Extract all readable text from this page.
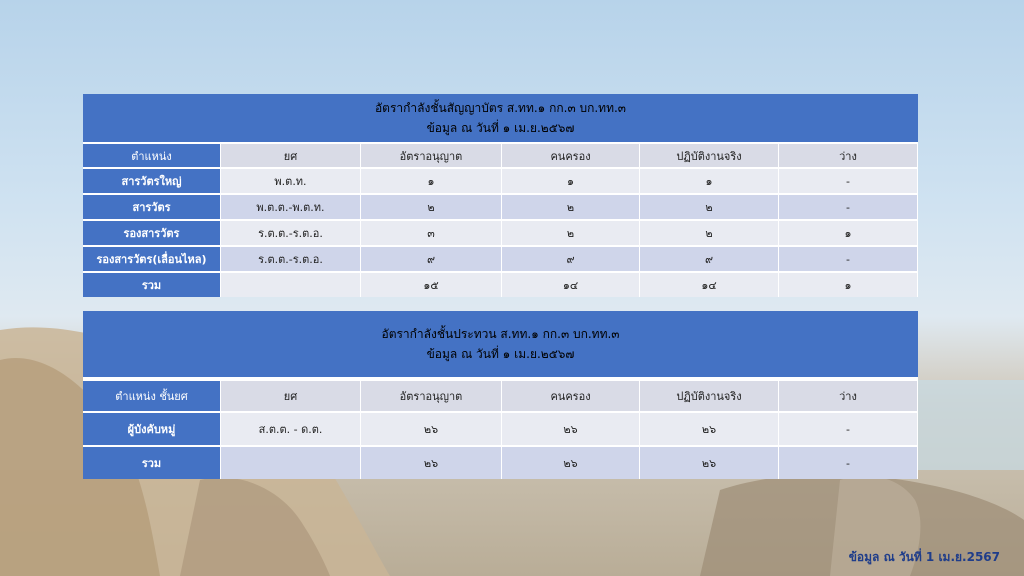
อัตรากำลังชั้นสัญญาบัตร ส.ทท.๑ กก.๓ บก.ทท.๓
ข้อมูล ณ วันที่ ๑ เม.ย.๒๕๖๗					

ตำแหน่ง	ยศ	อัตราอนุญาต	คนครอง	ปฏิบัติงานจริง	ว่าง
สารวัตรใหญ่	พ.ต.ท.	๑	๑	๑	-
สารวัตร	พ.ต.ต.-พ.ต.ท.	๒	๒	๒	-
รองสารวัตร	ร.ต.ต.-ร.ต.อ.	๓	๒	๒	๑
รองสารวัตร(เลื่อนไหล)	ร.ต.ต.-ร.ต.อ.	๙	๙	๙	-
รวม		๑๕	๑๔	๑๔	๑
อัตรากำลังชั้นประทวน ส.ทท.๑ กก.๓ บก.ทท.๓
ข้อมูล ณ วันที่ ๑ เม.ย.๒๕๖๗					

ตำแหน่ง ชั้นยศ	ยศ	อัตราอนุญาต	คนครอง	ปฏิบัติงานจริง	ว่าง
ผู้บังคับหมู่	ส.ต.ต. - ด.ต.	๒๖	๒๖	๒๖	-
รวม		๒๖	๒๖	๒๖	-
ข้อมูล ณ วันที่ 1 เม.ย.2567
